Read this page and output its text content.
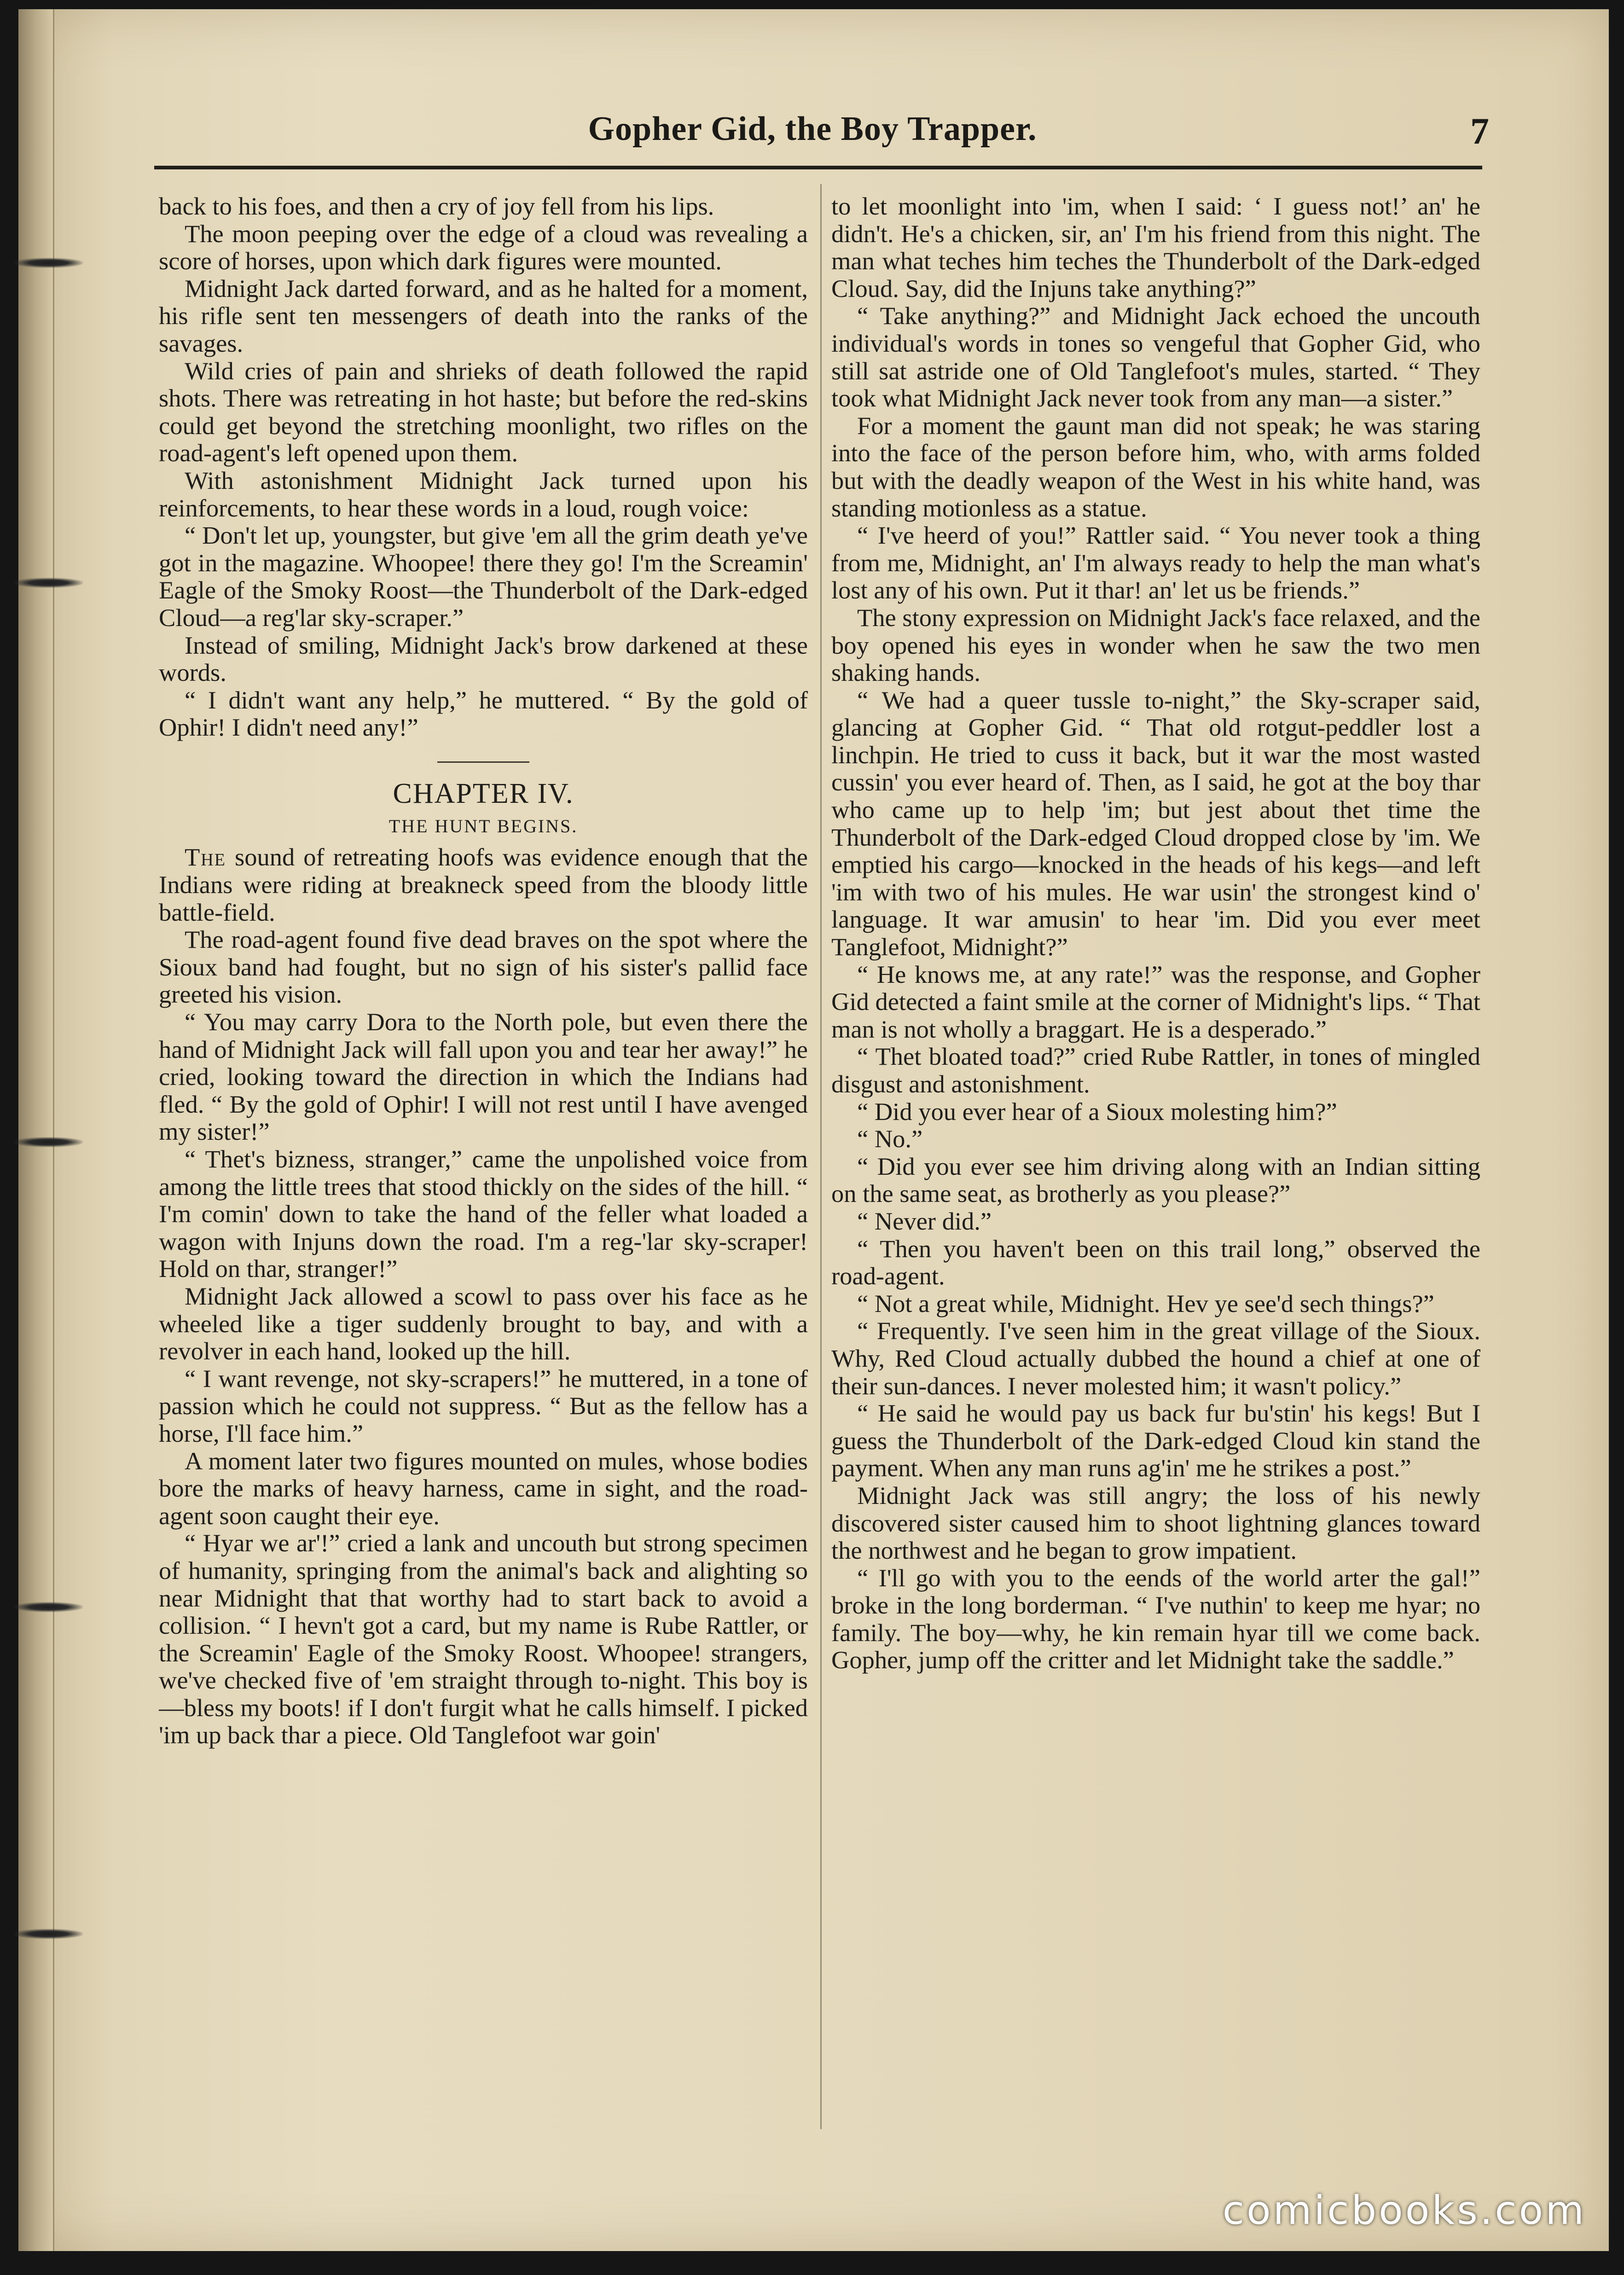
Gopher Gid, the Boy Trapper.	7

back to his foes, and then a cry of joy fell from his lips.

The moon peeping over the edge of a cloud was revealing a score of horses, upon which dark figures were mounted.

Midnight Jack darted forward, and as he halted for a moment, his rifle sent ten messengers of death into the ranks of the savages.

Wild cries of pain and shrieks of death followed the rapid shots. There was retreating in hot haste; but before the red-skins could get beyond the stretching moonlight, two rifles on the road-agent's left opened upon them.

With astonishment Midnight Jack turned upon his reinforcements, to hear these words in a loud, rough voice:

“ Don't let up, youngster, but give 'em all the grim death ye've got in the magazine. Whoopee! there they go! I'm the Screamin' Eagle of the Smoky Roost—the Thunderbolt of the Dark-edged Cloud—a reg'lar sky-scraper.”

Instead of smiling, Midnight Jack's brow darkened at these words.

“ I didn't want any help,” he muttered. “ By the gold of Ophir! I didn't need any!”

CHAPTER IV.
THE HUNT BEGINS.

The sound of retreating hoofs was evidence enough that the Indians were riding at breakneck speed from the bloody little battle-field.

The road-agent found five dead braves on the spot where the Sioux band had fought, but no sign of his sister's pallid face greeted his vision.

“ You may carry Dora to the North pole, but even there the hand of Midnight Jack will fall upon you and tear her away!” he cried, looking toward the direction in which the Indians had fled. “ By the gold of Ophir! I will not rest until I have avenged my sister!”

“ Thet's bizness, stranger,” came the unpolished voice from among the little trees that stood thickly on the sides of the hill. “ I'm comin' down to take the hand of the feller what loaded a wagon with Injuns down the road. I'm a reg-'lar sky-scraper! Hold on thar, stranger!”

Midnight Jack allowed a scowl to pass over his face as he wheeled like a tiger suddenly brought to bay, and with a revolver in each hand, looked up the hill.

“ I want revenge, not sky-scrapers!” he muttered, in a tone of passion which he could not suppress. “ But as the fellow has a horse, I'll face him.”

A moment later two figures mounted on mules, whose bodies bore the marks of heavy harness, came in sight, and the road-agent soon caught their eye.

“ Hyar we ar'!” cried a lank and uncouth but strong specimen of humanity, springing from the animal's back and alighting so near Midnight that that worthy had to start back to avoid a collision. “ I hevn't got a card, but my name is Rube Rattler, or the Screamin' Eagle of the Smoky Roost. Whoopee! strangers, we've checked five of 'em straight through to-night. This boy is—bless my boots! if I don't furgit what he calls himself. I picked 'im up back thar a piece. Old Tanglefoot war goin'

to let moonlight into 'im, when I said: ‘ I guess not!’ an' he didn't. He's a chicken, sir, an' I'm his friend from this night. The man what teches him teches the Thunderbolt of the Dark-edged Cloud. Say, did the Injuns take anything?”

“ Take anything?” and Midnight Jack echoed the uncouth individual's words in tones so vengeful that Gopher Gid, who still sat astride one of Old Tanglefoot's mules, started. “ They took what Midnight Jack never took from any man—a sister.”

For a moment the gaunt man did not speak; he was staring into the face of the person before him, who, with arms folded but with the deadly weapon of the West in his white hand, was standing motionless as a statue.

“ I've heerd of you!” Rattler said. “ You never took a thing from me, Midnight, an' I'm always ready to help the man what's lost any of his own. Put it thar! an' let us be friends.”

The stony expression on Midnight Jack's face relaxed, and the boy opened his eyes in wonder when he saw the two men shaking hands.

“ We had a queer tussle to-night,” the Sky-scraper said, glancing at Gopher Gid. “ That old rotgut-peddler lost a linchpin. He tried to cuss it back, but it war the most wasted cussin' you ever heard of. Then, as I said, he got at the boy thar who came up to help 'im; but jest about thet time the Thunderbolt of the Dark-edged Cloud dropped close by 'im. We emptied his cargo—knocked in the heads of his kegs—and left 'im with two of his mules. He war usin' the strongest kind o' language. It war amusin' to hear 'im. Did you ever meet Tanglefoot, Midnight?”

“ He knows me, at any rate!” was the response, and Gopher Gid detected a faint smile at the corner of Midnight's lips. “ That man is not wholly a braggart. He is a desperado.”

“ Thet bloated toad?” cried Rube Rattler, in tones of mingled disgust and astonishment.

“ Did you ever hear of a Sioux molesting him?”

“ No.”

“ Did you ever see him driving along with an Indian sitting on the same seat, as brotherly as you please?”

“ Never did.”

“ Then you haven't been on this trail long,” observed the road-agent.

“ Not a great while, Midnight. Hev ye see'd sech things?”

“ Frequently. I've seen him in the great village of the Sioux. Why, Red Cloud actually dubbed the hound a chief at one of their sun-dances. I never molested him; it wasn't policy.”

“ He said he would pay us back fur bu'stin' his kegs! But I guess the Thunderbolt of the Dark-edged Cloud kin stand the payment. When any man runs ag'in' me he strikes a post.”

Midnight Jack was still angry; the loss of his newly discovered sister caused him to shoot lightning glances toward the northwest and he began to grow impatient.

“ I'll go with you to the eends of the world arter the gal!” broke in the long borderman. “ I've nuthin' to keep me hyar; no family. The boy—why, he kin remain hyar till we come back. Gopher, jump off the critter and let Midnight take the saddle.”

comicbooks.com
